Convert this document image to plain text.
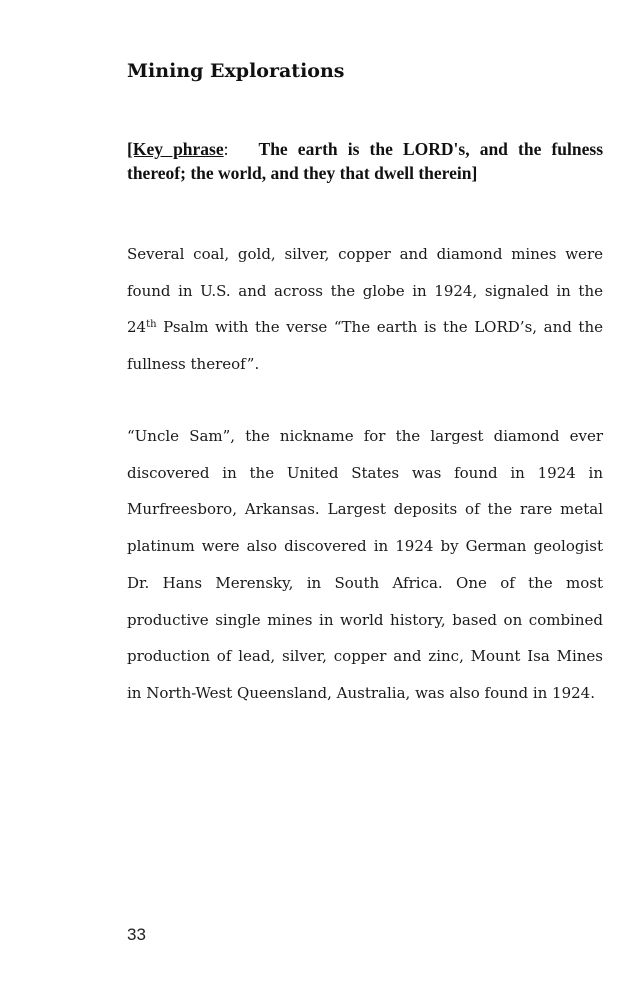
Mining Explorations

[Key phrase: The earth is the LORD's, and the fulness thereof; the world, and they that dwell therein]

Several coal, gold, silver, copper and diamond mines were found in U.S. and across the globe in 1924, signaled in the 24th Psalm with the verse “The earth is the LORD’s, and the fullness thereof”.

“Uncle Sam”, the nickname for the largest diamond ever discovered in the United States was found in 1924 in Murfreesboro, Arkansas. Largest deposits of the rare metal platinum were also discovered in 1924 by German geologist Dr. Hans Merensky, in South Africa. One of the most productive single mines in world history, based on combined production of lead, silver, copper and zinc, Mount Isa Mines in North-West Queensland, Australia, was also found in 1924.

33
